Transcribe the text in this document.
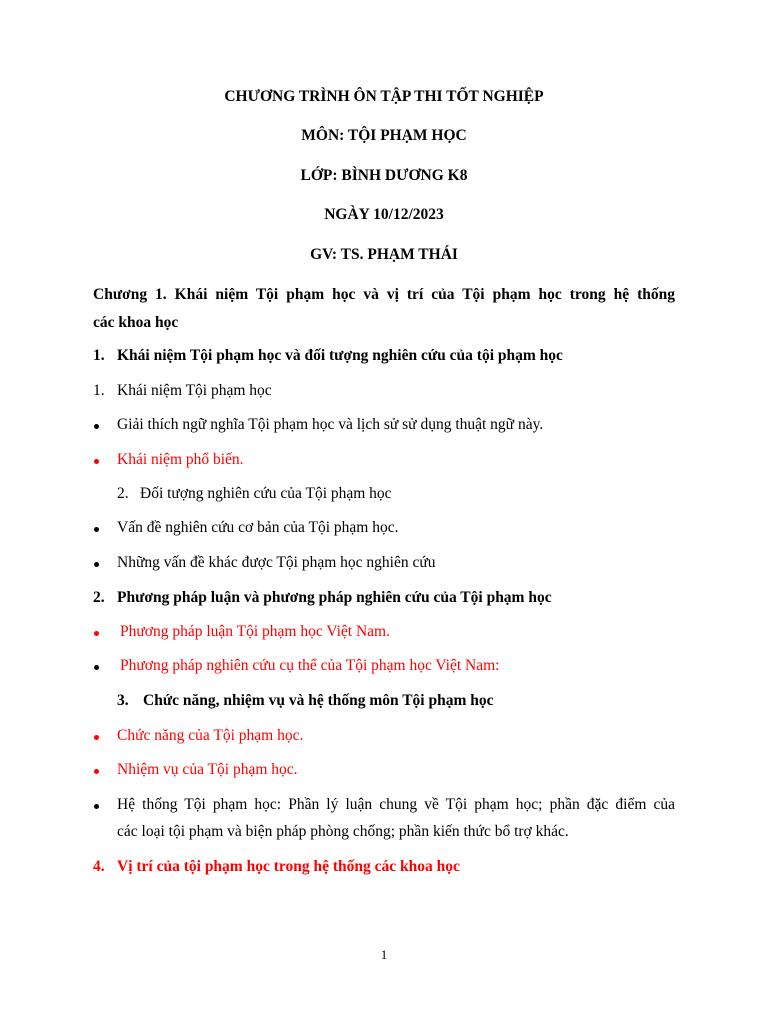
CHƯƠNG TRÌNH ÔN TẬP THI TỐT NGHIỆP
MÔN: TỘI PHẠM HỌC
LỚP: BÌNH DƯƠNG K8
NGÀY 10/12/2023
GV: TS. PHẠM THÁI
Chương 1. Khái niệm Tội phạm học và vị trí của Tội phạm học trong hệ thống
các khoa học
1. Khái niệm Tội phạm học và đối tượng nghiên cứu của tội phạm học
1. Khái niệm Tội phạm học
Giải thích ngữ nghĩa Tội phạm học và lịch sử sử dụng thuật ngữ này.
Khái niệm phổ biến.
2. Đối tượng nghiên cứu của Tội phạm học
Vấn đề nghiên cứu cơ bản của Tội phạm học.
Những vấn đề khác được Tội phạm học nghiên cứu
2. Phương pháp luận và phương pháp nghiên cứu của Tội phạm học
Phương pháp luận Tội phạm học Việt Nam.
Phương pháp nghiên cứu cụ thể của Tội phạm học Việt Nam:
3. Chức năng, nhiệm vụ và hệ thống môn Tội phạm học
Chức năng của Tội phạm học.
Nhiệm vụ của Tội phạm học.
Hệ thống Tội phạm học: Phần lý luận chung về Tội phạm học; phần đặc điểm của
các loại tội phạm và biện pháp phòng chống; phần kiến thức bổ trợ khác.
4. Vị trí của tội phạm học trong hệ thống các khoa học
1
